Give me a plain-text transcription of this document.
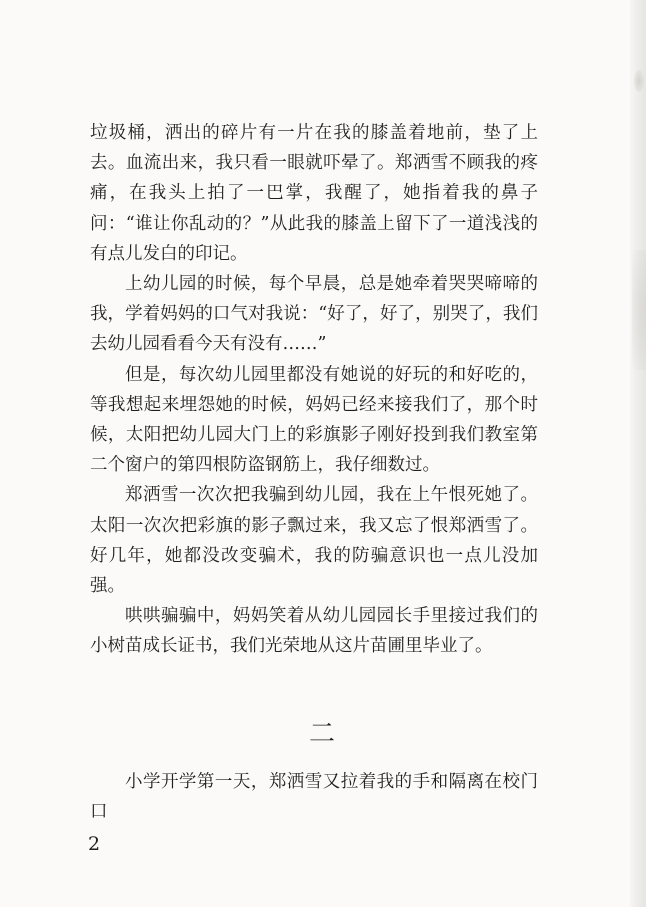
垃圾桶，洒出的碎片有一片在我的膝盖着地前，垫了上去。血流出来，我只看一眼就吓晕了。郑洒雪不顾我的疼痛，在我头上拍了一巴掌，我醒了，她指着我的鼻子问：“谁让你乱动的？”从此我的膝盖上留下了一道浅浅的有点儿发白的印记。

上幼儿园的时候，每个早晨，总是她牵着哭哭啼啼的我，学着妈妈的口气对我说：“好了，好了，别哭了，我们去幼儿园看看今天有没有……”

但是，每次幼儿园里都没有她说的好玩的和好吃的，等我想起来埋怨她的时候，妈妈已经来接我们了，那个时候，太阳把幼儿园大门上的彩旗影子刚好投到我们教室第二个窗户的第四根防盗钢筋上，我仔细数过。

郑洒雪一次次把我骗到幼儿园，我在上午恨死她了。太阳一次次把彩旗的影子飘过来，我又忘了恨郑洒雪了。好几年，她都没改变骗术，我的防骗意识也一点儿没加强。

哄哄骗骗中，妈妈笑着从幼儿园园长手里接过我们的小树苗成长证书，我们光荣地从这片苗圃里毕业了。

二

小学开学第一天，郑洒雪又拉着我的手和隔离在校门口

2
